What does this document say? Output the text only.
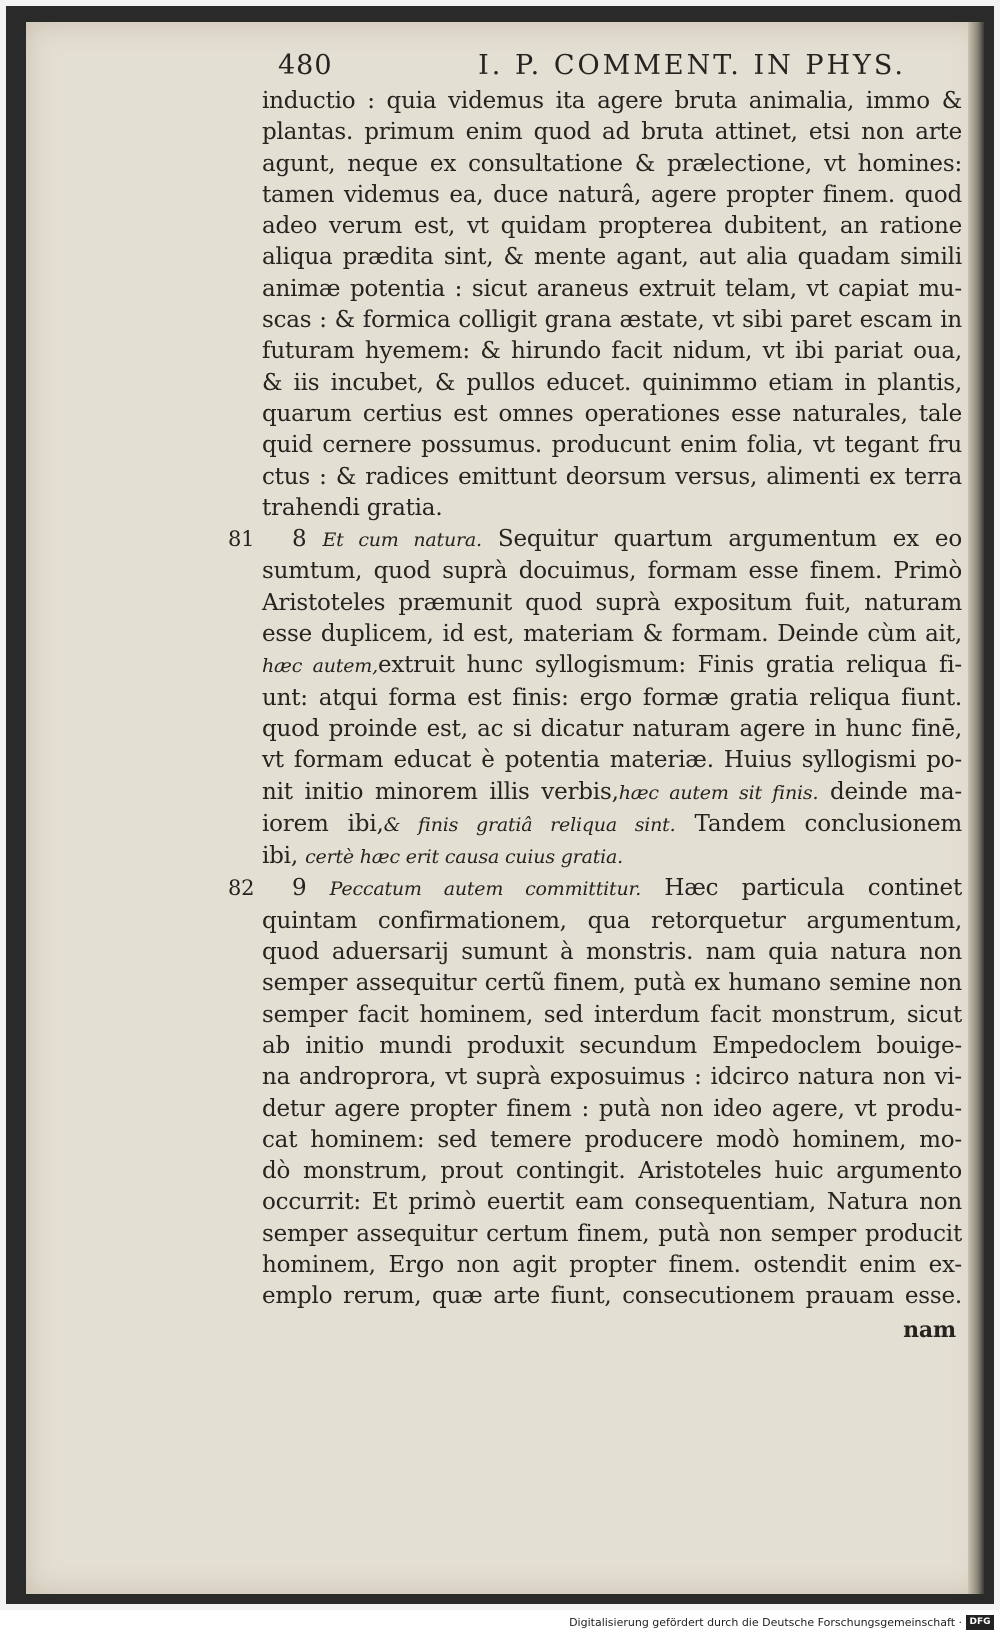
480	I. P. COMMENT. IN PHYS.
inductio : quia videmus ita agere bruta animalia, immo &
plantas. primum enim quod ad bruta attinet, etsi non arte
agunt, neque ex consultatione & prælectione, vt homines:
tamen videmus ea, duce naturâ, agere propter finem. quod
adeo verum est, vt quidam propterea dubitent, an ratione
aliqua prædita sint, & mente agant, aut alia quadam simili
animæ potentia : sicut araneus extruit telam, vt capiat mu-
scas : & formica colligit grana æstate, vt sibi paret escam in
futuram hyemem: & hirundo facit nidum, vt ibi pariat oua,
& iis incubet, & pullos educet. quinimmo etiam in plantis,
quarum certius est omnes operationes esse naturales, tale
quid cernere possumus. producunt enim folia, vt tegant fru
ctus : & radices emittunt deorsum versus, alimenti ex terra
trahendi gratia.
81	8 Et cum natura. Sequitur quartum argumentum ex eo
sumtum, quod suprà docuimus, formam esse finem. Primò
Aristoteles præmunit quod suprà expositum fuit, naturam
esse duplicem, id est, materiam & formam. Deinde cùm ait,
hæc autem,extruit hunc syllogismum: Finis gratia reliqua fi-
unt: atqui forma est finis: ergo formæ gratia reliqua fiunt.
quod proinde est, ac si dicatur naturam agere in hunc finē,
vt formam educat è potentia materiæ. Huius syllogismi po-
nit initio minorem illis verbis,hæc autem sit finis. deinde ma-
iorem ibi,& finis gratiâ reliqua sint. Tandem conclusionem
ibi, certè hæc erit causa cuius gratia.
82	9 Peccatum autem committitur. Hæc particula continet
quintam confirmationem, qua retorquetur argumentum,
quod aduersarij sumunt à monstris. nam quia natura non
semper assequitur certũ finem, putà ex humano semine non
semper facit hominem, sed interdum facit monstrum, sicut
ab initio mundi produxit secundum Empedoclem bouige-
na androprora, vt suprà exposuimus : idcirco natura non vi-
detur agere propter finem : putà non ideo agere, vt produ-
cat hominem: sed temere producere modò hominem, mo-
dò monstrum, prout contingit. Aristoteles huic argumento
occurrit: Et primò euertit eam consequentiam, Natura non
semper assequitur certum finem, putà non semper producit
hominem, Ergo non agit propter finem. ostendit enim ex-
emplo rerum, quæ arte fiunt, consecutionem prauam esse.
nam
Digitalisierung gefördert durch die Deutsche Forschungsgemeinschaft · DFG
